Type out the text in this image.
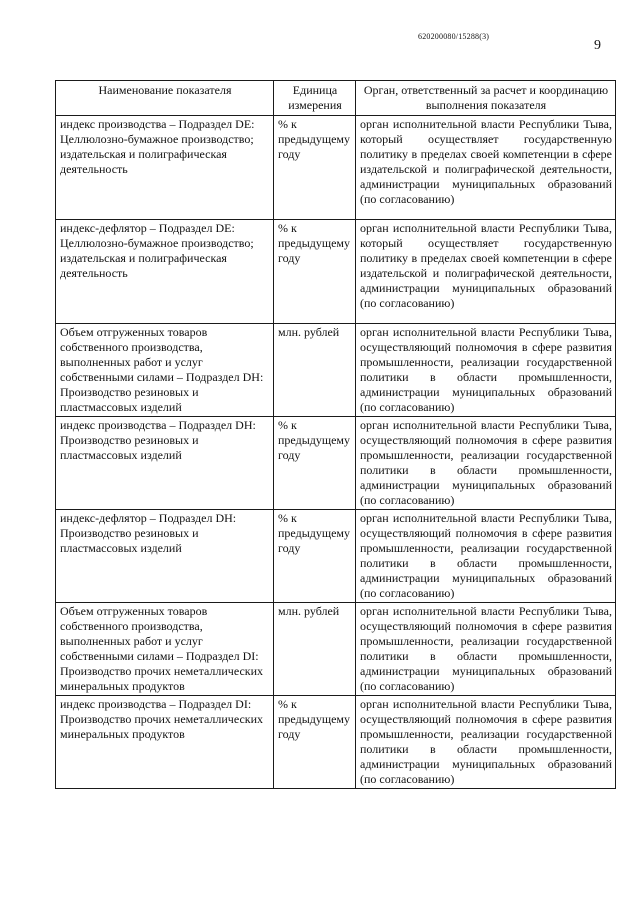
620200080/15288(3)
9
Наименование показателя	Единица измерения	Орган, ответственный за расчет и координацию выполнения показателя
индекс производства – Подраздел DE: Целлюлозно-бумажное производство; издательская и полиграфическая деятельность	% к предыдущему году	орган исполнительной власти Республики Тыва, который осуществляет государственную политику в пределах своей компетенции в сфере издательской и полиграфической деятельности, администрации муниципальных образований (по согласованию)
индекс-дефлятор – Подраздел DE: Целлюлозно-бумажное производство; издательская и полиграфическая деятельность	% к предыдущему году	орган исполнительной власти Республики Тыва, который осуществляет государственную политику в пределах своей компетенции в сфере издательской и полиграфической деятельности, администрации муниципальных образований (по согласованию)
Объем отгруженных товаров собственного производства, выполненных работ и услуг собственными силами – Подраздел DH: Производство резиновых и пластмассовых изделий	млн. рублей	орган исполнительной власти Республики Тыва, осуществляющий полномочия в сфере развития промышленности, реализации государственной политики в области промышленности, администрации муниципальных образований (по согласованию)
индекс производства – Подраздел DH: Производство резиновых и пластмассовых изделий	% к предыдущему году	орган исполнительной власти Республики Тыва, осуществляющий полномочия в сфере развития промышленности, реализации государственной политики в области промышленности, администрации муниципальных образований (по согласованию)
индекс-дефлятор – Подраздел DH: Производство резиновых и пластмассовых изделий	% к предыдущему году	орган исполнительной власти Республики Тыва, осуществляющий полномочия в сфере развития промышленности, реализации государственной политики в области промышленности, администрации муниципальных образований (по согласованию)
Объем отгруженных товаров собственного производства, выполненных работ и услуг собственными силами – Подраздел DI: Производство прочих неметаллических минеральных продуктов	млн. рублей	орган исполнительной власти Республики Тыва, осуществляющий полномочия в сфере развития промышленности, реализации государственной политики в области промышленности, администрации муниципальных образований (по согласованию)
индекс производства – Подраздел DI: Производство прочих неметаллических минеральных продуктов	% к предыдущему году	орган исполнительной власти Республики Тыва, осуществляющий полномочия в сфере развития промышленности, реализации государственной политики в области промышленности, администрации муниципальных образований (по согласованию)
